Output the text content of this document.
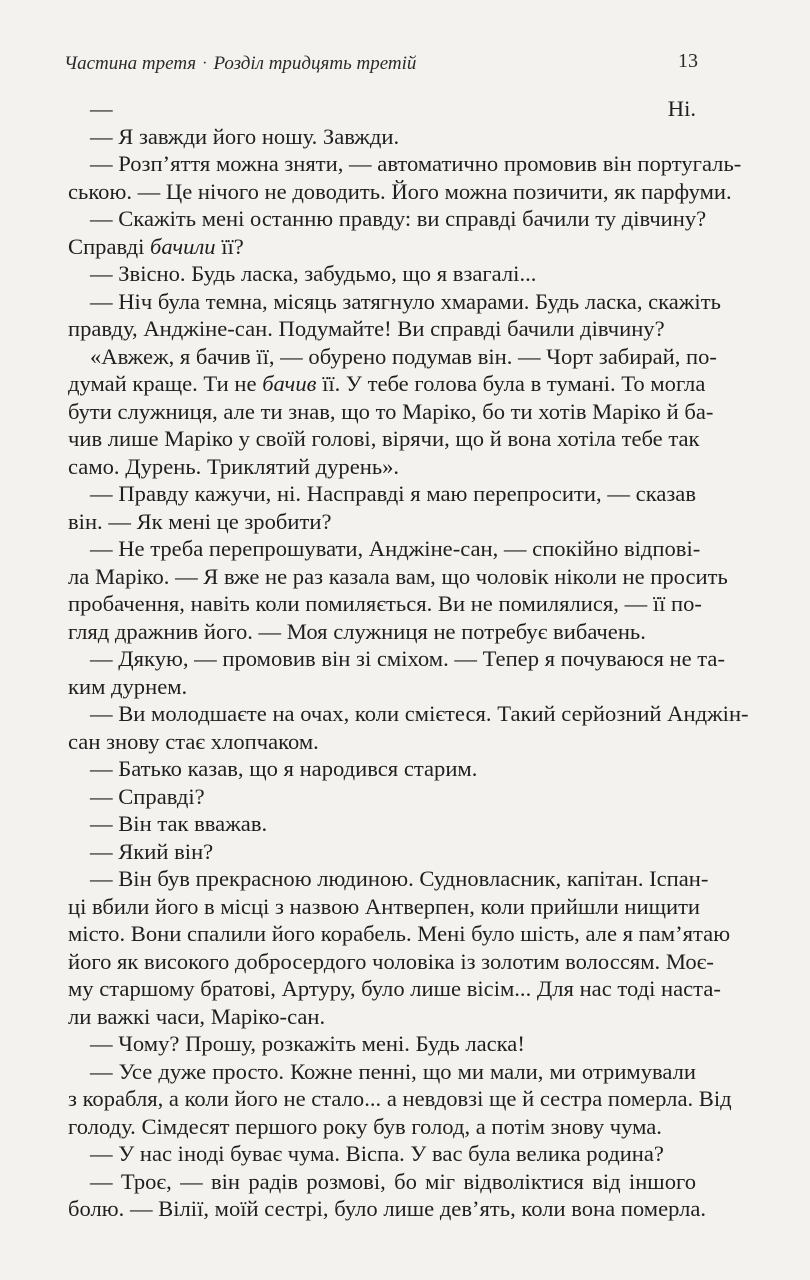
Частина третя · Розділ тридцять третій	13
— Ні.
— Я завжди його ношу. Завжди.
— Розп’яття можна зняти, — автоматично промовив він португаль-
ською. — Це нічого не доводить. Його можна позичити, як парфуми.
— Скажіть мені останню правду: ви справді бачили ту дівчину?
Справді бачили її?
— Звісно. Будь ласка, забудьмо, що я взагалі...
— Ніч була темна, місяць затягнуло хмарами. Будь ласка, скажіть
правду, Анджіне-сан. Подумайте! Ви справді бачили дівчину?
«Авжеж, я бачив її, — обурено подумав він. — Чорт забирай, по-
думай краще. Ти не бачив її. У тебе голова була в тумані. То могла
бути служниця, але ти знав, що то Маріко, бо ти хотів Маріко й ба-
чив лише Маріко у своїй голові, вірячи, що й вона хотіла тебе так
само. Дурень. Триклятий дурень».
— Правду кажучи, ні. Насправді я маю перепросити, — сказав
він. — Як мені це зробити?
— Не треба перепрошувати, Анджіне-сан, — спокійно відпові-
ла Маріко. — Я вже не раз казала вам, що чоловік ніколи не просить
пробачення, навіть коли помиляється. Ви не помилялися, — її по-
гляд дражнив його. — Моя служниця не потребує вибачень.
— Дякую, — промовив він зі сміхом. — Тепер я почуваюся не та-
ким дурнем.
— Ви молодшаєте на очах, коли смієтеся. Такий серйозний Анджін-
сан знову стає хлопчаком.
— Батько казав, що я народився старим.
— Справді?
— Він так вважав.
— Який він?
— Він був прекрасною людиною. Судновласник, капітан. Іспан-
ці вбили його в місці з назвою Антверпен, коли прийшли нищити
місто. Вони спалили його корабель. Мені було шість, але я пам’ятаю
його як високого добросердого чоловіка із золотим волоссям. Моє-
му старшому братові, Артуру, було лише вісім... Для нас тоді наста-
ли важкі часи, Маріко-сан.
— Чому? Прошу, розкажіть мені. Будь ласка!
— Усе дуже просто. Кожне пенні, що ми мали, ми отримували
з корабля, а коли його не стало... а невдовзі ще й сестра померла. Від
голоду. Сімдесят першого року був голод, а потім знову чума.
— У нас іноді буває чума. Віспа. У вас була велика родина?
— Троє, — він радів розмові, бо міг відволіктися від іншого
болю. — Вілії, моїй сестрі, було лише дев’ять, коли вона померла.
